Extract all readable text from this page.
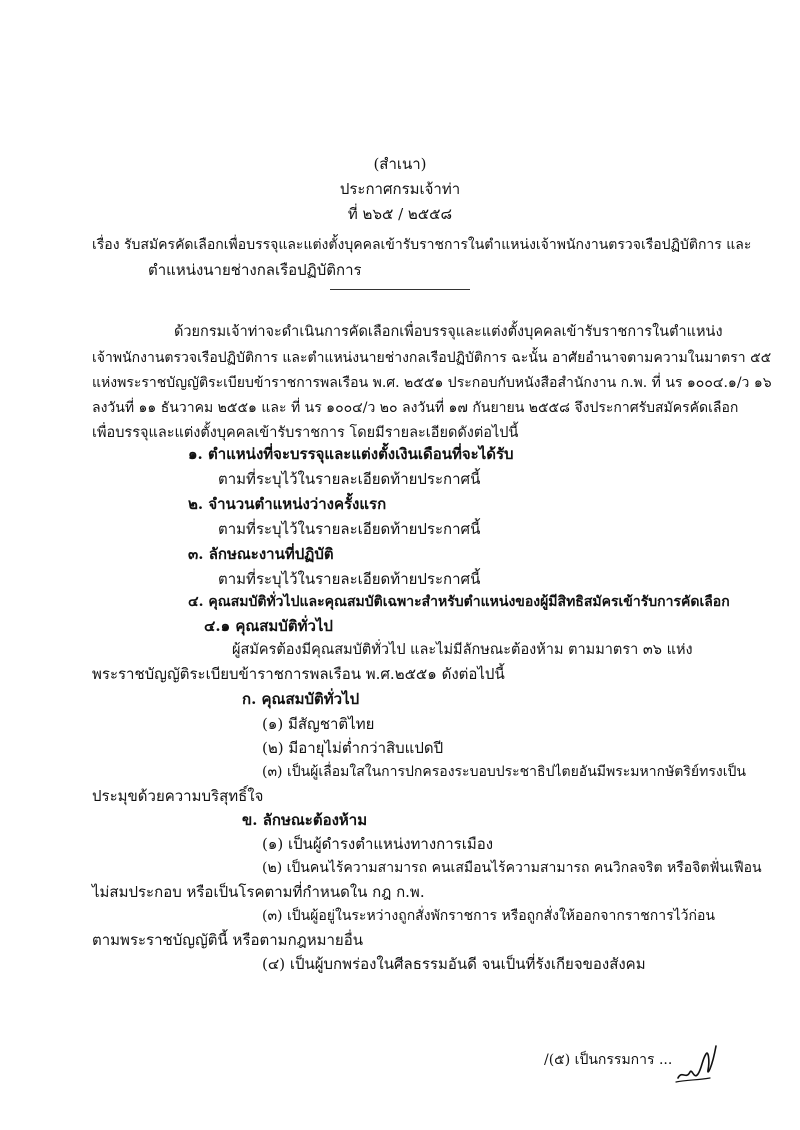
(สำเนา)
ประกาศกรมเจ้าท่า
ที่ ๒๖๕ / ๒๕๕๘
เรื่อง รับสมัครคัดเลือกเพื่อบรรจุและแต่งตั้งบุคคลเข้ารับราชการในตำแหน่งเจ้าพนักงานตรวจเรือปฏิบัติการ และ
ตำแหน่งนายช่างกลเรือปฏิบัติการ
ด้วยกรมเจ้าท่าจะดำเนินการคัดเลือกเพื่อบรรจุและแต่งตั้งบุคคลเข้ารับราชการในตำแหน่ง
เจ้าพนักงานตรวจเรือปฏิบัติการ และตำแหน่งนายช่างกลเรือปฏิบัติการ ฉะนั้น อาศัยอำนาจตามความในมาตรา ๕๕
แห่งพระราชบัญญัติระเบียบข้าราชการพลเรือน พ.ศ. ๒๕๕๑ ประกอบกับหนังสือสำนักงาน ก.พ. ที่ นร ๑๐๐๔.๑/ว ๑๖
ลงวันที่ ๑๑ ธันวาคม ๒๕๕๑ และ ที่ นร ๑๐๐๔/ว ๒๐ ลงวันที่ ๑๗ กันยายน ๒๕๕๘ จึงประกาศรับสมัครคัดเลือก
เพื่อบรรจุและแต่งตั้งบุคคลเข้ารับราชการ โดยมีรายละเอียดดังต่อไปนี้
๑. ตำแหน่งที่จะบรรจุและแต่งตั้งเงินเดือนที่จะได้รับ
ตามที่ระบุไว้ในรายละเอียดท้ายประกาศนี้
๒. จำนวนตำแหน่งว่างครั้งแรก
ตามที่ระบุไว้ในรายละเอียดท้ายประกาศนี้
๓. ลักษณะงานที่ปฏิบัติ
ตามที่ระบุไว้ในรายละเอียดท้ายประกาศนี้
๔. คุณสมบัติทั่วไปและคุณสมบัติเฉพาะสำหรับตำแหน่งของผู้มีสิทธิสมัครเข้ารับการคัดเลือก
๔.๑ คุณสมบัติทั่วไป
ผู้สมัครต้องมีคุณสมบัติทั่วไป และไม่มีลักษณะต้องห้าม ตามมาตรา ๓๖ แห่ง
พระราชบัญญัติระเบียบข้าราชการพลเรือน พ.ศ.๒๕๕๑ ดังต่อไปนี้
ก. คุณสมบัติทั่วไป
(๑) มีสัญชาติไทย
(๒) มีอายุไม่ต่ำกว่าสิบแปดปี
(๓) เป็นผู้เลื่อมใสในการปกครองระบอบประชาธิปไตยอันมีพระมหากษัตริย์ทรงเป็น
ประมุขด้วยความบริสุทธิ์ใจ
ข. ลักษณะต้องห้าม
(๑) เป็นผู้ดำรงตำแหน่งทางการเมือง
(๒) เป็นคนไร้ความสามารถ คนเสมือนไร้ความสามารถ คนวิกลจริต หรือจิตฟั่นเฟือน
ไม่สมประกอบ หรือเป็นโรคตามที่กำหนดใน กฎ ก.พ.
(๓) เป็นผู้อยู่ในระหว่างถูกสั่งพักราชการ หรือถูกสั่งให้ออกจากราชการไว้ก่อน
ตามพระราชบัญญัตินี้ หรือตามกฎหมายอื่น
(๔) เป็นผู้บกพร่องในศีลธรรมอันดี จนเป็นที่รังเกียจของสังคม
/(๕) เป็นกรรมการ ...
